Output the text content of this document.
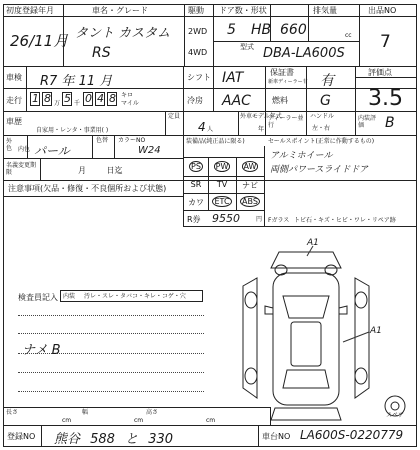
初度登録年月
26/11月
車名・グレード
タント カスタム
RS
駆動
2WD
4WD
ドア数・形状
5 HB
排気量
660	cc
型式 DBA-LA600S
出品NO
7
車検 R7 年 11 月	シフト IAT	保証書
新車ディーラー有 有
評価点
3.5
走行 1 8 万 5 千 0 4 8 キロ
マイル	冷房 AAC	燃料 G
車歴
自家用・レンタ・事業用( )
定員
4 人
外車モデル年式
年
ディーラー並行
ハンドル
左・右
内装評価	B
外色	パール
色替 カラーNO
W24
内色
名義変更期限	月 日迄
注意事項(欠品・修復・不良個所および状態)
装備品(純正品に限る)	セールスポイント(正常に作動するもの)
アルミホイール
両側パワースライドドア
PS	PW	AW
SR	TV	ナビ
カワ	ETC	ABS
R券 9550	円 Fガラス トビ石・キズ・ヒビ・ワレ・リペア跡
検査員記入 内装 汚レ・スレ・タバコ・キレ・コゲ・穴
ナメ B
A1
A1
スペア
長さ
cm
幅
cm
高さ
cm
登録NO 熊谷 588 と 330	車台NO LA600S-0220779
